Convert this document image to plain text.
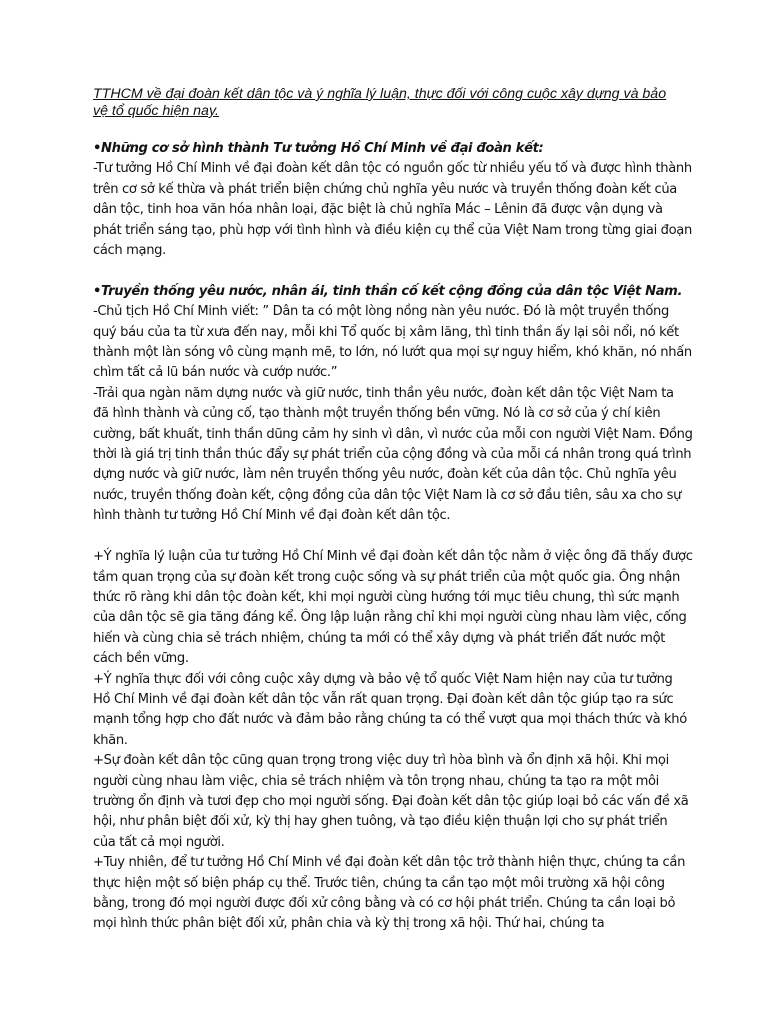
TTHCM về đại đoàn kết dân tộc và ý nghĩa lý luận, thực đối với công cuộc xây dựng và bảo vệ tổ quốc hiện nay.

•Những cơ sở hình thành Tư tưởng Hồ Chí Minh về đại đoàn kết:

-Tư tưởng Hồ Chí Minh về đại đoàn kết dân tộc có nguồn gốc từ nhiều yếu tố và được hình thành trên cơ sở kế thừa và phát triển biện chứng chủ nghĩa yêu nước và truyền thống đoàn kết của dân tộc, tinh hoa văn hóa nhân loại, đặc biệt là chủ nghĩa Mác – Lênin đã được vận dụng và phát triển sáng tạo, phù hợp với tình hình và điều kiện cụ thể của Việt Nam trong từng giai đoạn cách mạng.

•Truyền thống yêu nước, nhân ái, tinh thần cố kết cộng đồng của dân tộc Việt Nam.

-Chủ tịch Hồ Chí Minh viết: ” Dân ta có một lòng nồng nàn yêu nước. Đó là một truyền thống quý báu của ta từ xưa đến nay, mỗi khi Tổ quốc bị xâm lăng, thì tinh thần ấy lại sôi nổi, nó kết thành một làn sóng vô cùng mạnh mẽ, to lớn, nó lướt qua mọi sự nguy hiểm, khó khăn, nó nhấn chìm tất cả lũ bán nước và cướp nước.”

-Trải qua ngàn năm dựng nước và giữ nước, tinh thần yêu nước, đoàn kết dân tộc Việt Nam ta đã hình thành và củng cố, tạo thành một truyền thống bền vững. Nó là cơ sở của ý chí kiên cường, bất khuất, tinh thần dũng cảm hy sinh vì dân, vì nước của mỗi con người Việt Nam. Đồng thời là giá trị tinh thần thúc đẩy sự phát triển của cộng đồng và của mỗi cá nhân trong quá trình dựng nước và giữ nước, làm nên truyền thống yêu nước, đoàn kết của dân tộc. Chủ nghĩa yêu nước, truyền thống đoàn kết, cộng đồng của dân tộc Việt Nam là cơ sở đầu tiên, sâu xa cho sự hình thành tư tưởng Hồ Chí Minh về đại đoàn kết dân tộc.

+Ý nghĩa lý luận của tư tưởng Hồ Chí Minh về đại đoàn kết dân tộc nằm ở việc ông đã thấy được tầm quan trọng của sự đoàn kết trong cuộc sống và sự phát triển của một quốc gia. Ông nhận thức rõ ràng khi dân tộc đoàn kết, khi mọi người cùng hướng tới mục tiêu chung, thì sức mạnh của dân tộc sẽ gia tăng đáng kể. Ông lập luận rằng chỉ khi mọi người cùng nhau làm việc, cống hiến và cùng chia sẻ trách nhiệm, chúng ta mới có thể xây dựng và phát triển đất nước một cách bền vững.

+Ý nghĩa thực đối với công cuộc xây dựng và bảo vệ tổ quốc Việt Nam hiện nay của tư tưởng Hồ Chí Minh về đại đoàn kết dân tộc vẫn rất quan trọng. Đại đoàn kết dân tộc giúp tạo ra sức mạnh tổng hợp cho đất nước và đảm bảo rằng chúng ta có thể vượt qua mọi thách thức và khó khăn.

+Sự đoàn kết dân tộc cũng quan trọng trong việc duy trì hòa bình và ổn định xã hội. Khi mọi người cùng nhau làm việc, chia sẻ trách nhiệm và tôn trọng nhau, chúng ta tạo ra một môi trường ổn định và tươi đẹp cho mọi người sống. Đại đoàn kết dân tộc giúp loại bỏ các vấn đề xã hội, như phân biệt đối xử, kỳ thị hay ghen tuông, và tạo điều kiện thuận lợi cho sự phát triển của tất cả mọi người.

+Tuy nhiên, để tư tưởng Hồ Chí Minh về đại đoàn kết dân tộc trở thành hiện thực, chúng ta cần thực hiện một số biện pháp cụ thể. Trước tiên, chúng ta cần tạo một môi trường xã hội công bằng, trong đó mọi người được đối xử công bằng và có cơ hội phát triển. Chúng ta cần loại bỏ mọi hình thức phân biệt đối xử, phân chia và kỳ thị trong xã hội. Thứ hai, chúng ta
